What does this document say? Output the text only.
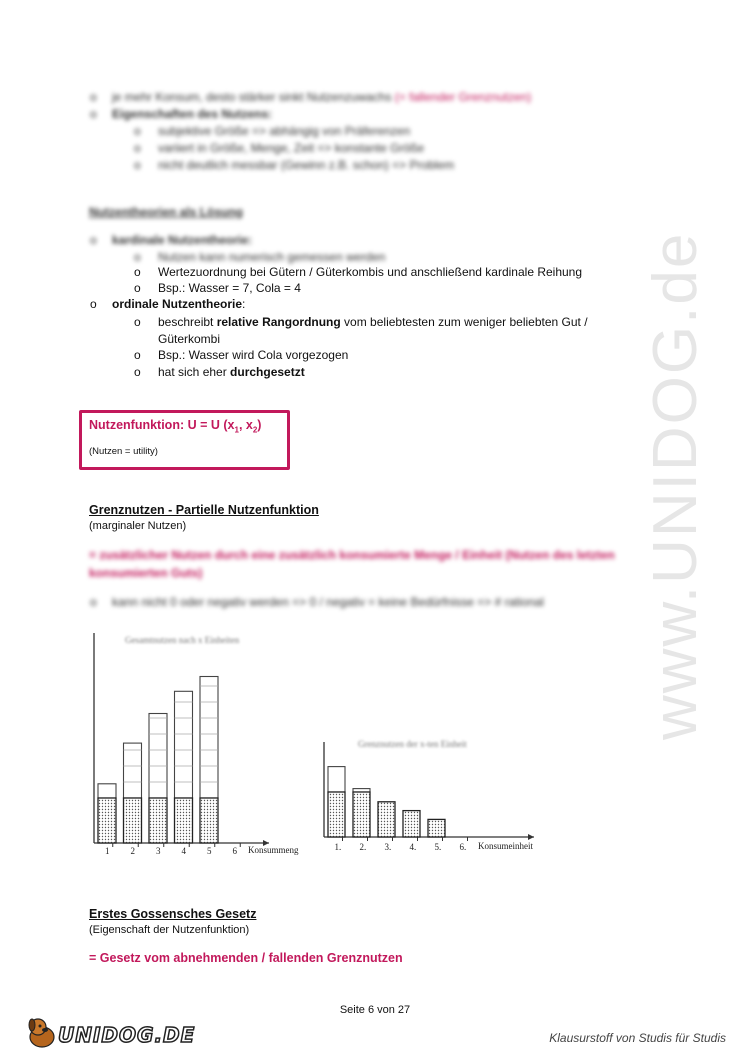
www.UNIDOG.de
o je mehr Konsum, desto stärker sinkt Nutzenzuwachs (= fallender Grenznutzen)
o Eigenschaften des Nutzens:
o subjektive Größe => abhängig von Präferenzen
o variiert in Größe, Menge, Zeit => konstante Größe
o nicht deutlich messbar (Gewinn z.B. schon) => Problem
Nutzentheorien als Lösung
o kardinale Nutzentheorie:
o Nutzen kann numerisch gemessen werden
o Wertezuordnung bei Gütern / Güterkombis und anschließend kardinale Reihung
o Bsp.: Wasser = 7, Cola = 4
o ordinale Nutzentheorie:
o beschreibt relative Rangordnung vom beliebtesten zum weniger beliebten Gut /
Güterkombi
o Bsp.: Wasser wird Cola vorgezogen
o hat sich eher durchgesetzt
Nutzenfunktion: U = U ($x_1$, $x_2$)
(Nutzen = utility)
Grenznutzen - Partielle Nutzenfunktion
(marginaler Nutzen)
= zusätzlicher Nutzen durch eine zusätzlich konsumierte Menge / Einheit (Nutzen des letzten
konsumierten Guts)
o kann nicht 0 oder negativ werden => 0 / negativ = keine Bedürfnisse => # rational
Gesamtnutzen nach x Einheiten
1 2 3 4 5 6 Konsummeng
Grenznutzen der x-ten Einheit
1. 2. 3. 4. 5. 6. Konsumeinheit
Erstes Gossensches Gesetz
(Eigenschaft der Nutzenfunktion)
= Gesetz vom abnehmenden / fallenden Grenznutzen
Seite 6 von 27
UNIDOG.DE	Klausurstoff von Studis für Studis
